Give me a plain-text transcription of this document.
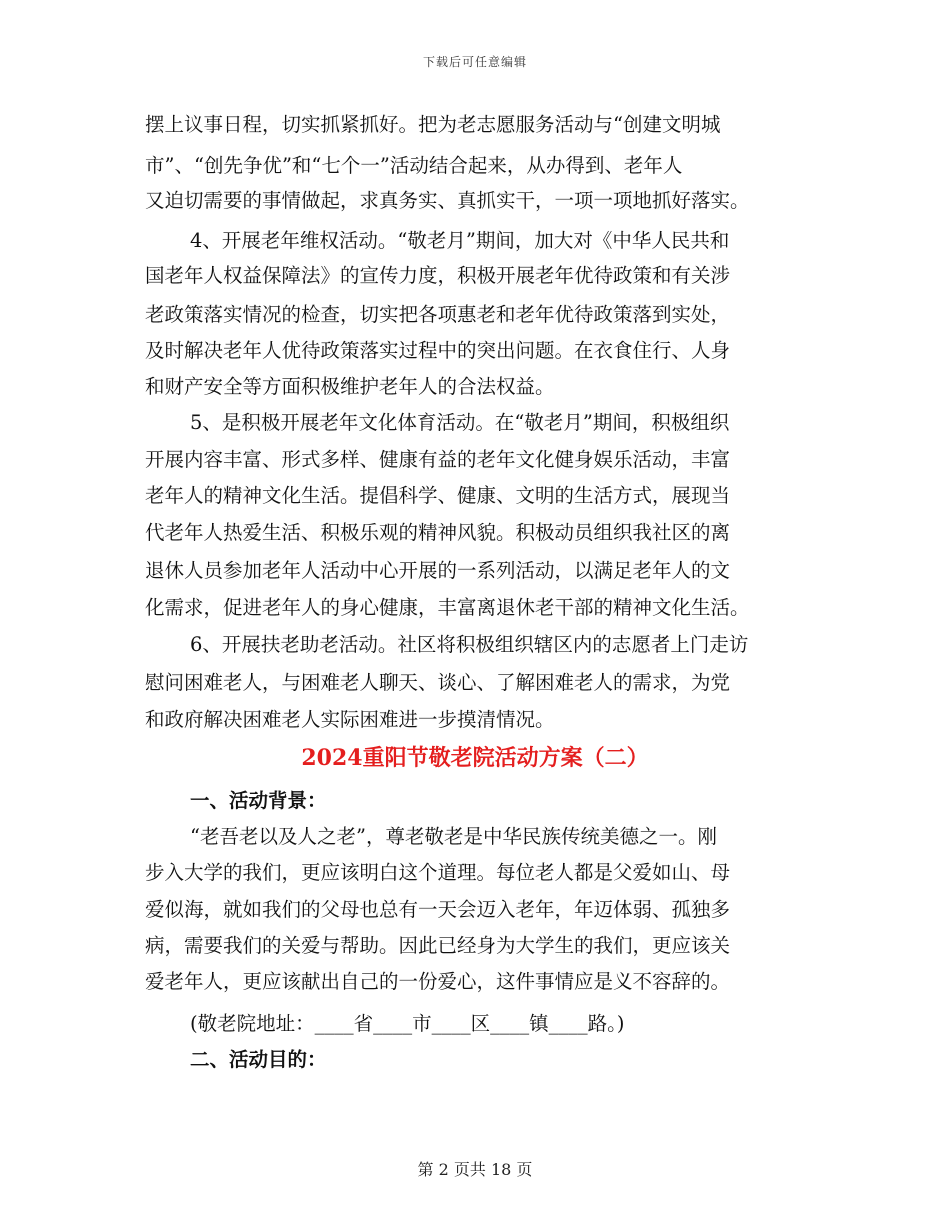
下载后可任意编辑
摆上议事日程，切实抓紧抓好。把为老志愿服务活动与“创建文明城
市”、“创先争优”和“七个一”活动结合起来，从办得到、老年人
又迫切需要的事情做起，求真务实、真抓实干，一项一项地抓好落实。
4、开展老年维权活动。“敬老月”期间，加大对《中华人民共和
国老年人权益保障法》的宣传力度，积极开展老年优待政策和有关涉
老政策落实情况的检查，切实把各项惠老和老年优待政策落到实处，
及时解决老年人优待政策落实过程中的突出问题。在衣食住行、人身
和财产安全等方面积极维护老年人的合法权益。
5、是积极开展老年文化体育活动。在“敬老月”期间，积极组织
开展内容丰富、形式多样、健康有益的老年文化健身娱乐活动，丰富
老年人的精神文化生活。提倡科学、健康、文明的生活方式，展现当
代老年人热爱生活、积极乐观的精神风貌。积极动员组织我社区的离
退休人员参加老年人活动中心开展的一系列活动，以满足老年人的文
化需求，促进老年人的身心健康，丰富离退休老干部的精神文化生活。
6、开展扶老助老活动。社区将积极组织辖区内的志愿者上门走访
慰问困难老人，与困难老人聊天、谈心、了解困难老人的需求，为党
和政府解决困难老人实际困难进一步摸清情况。
2024重阳节敬老院活动方案（二）
一、活动背景：
“老吾老以及人之老”，尊老敬老是中华民族传统美德之一。刚
步入大学的我们，更应该明白这个道理。每位老人都是父爱如山、母
爱似海，就如我们的父母也总有一天会迈入老年，年迈体弱、孤独多
病，需要我们的关爱与帮助。因此已经身为大学生的我们，更应该关
爱老年人，更应该献出自己的一份爱心，这件事情应是义不容辞的。
(敬老院地址：____省____市____区____镇____路。)
二、活动目的：
第 2 页共 18 页
